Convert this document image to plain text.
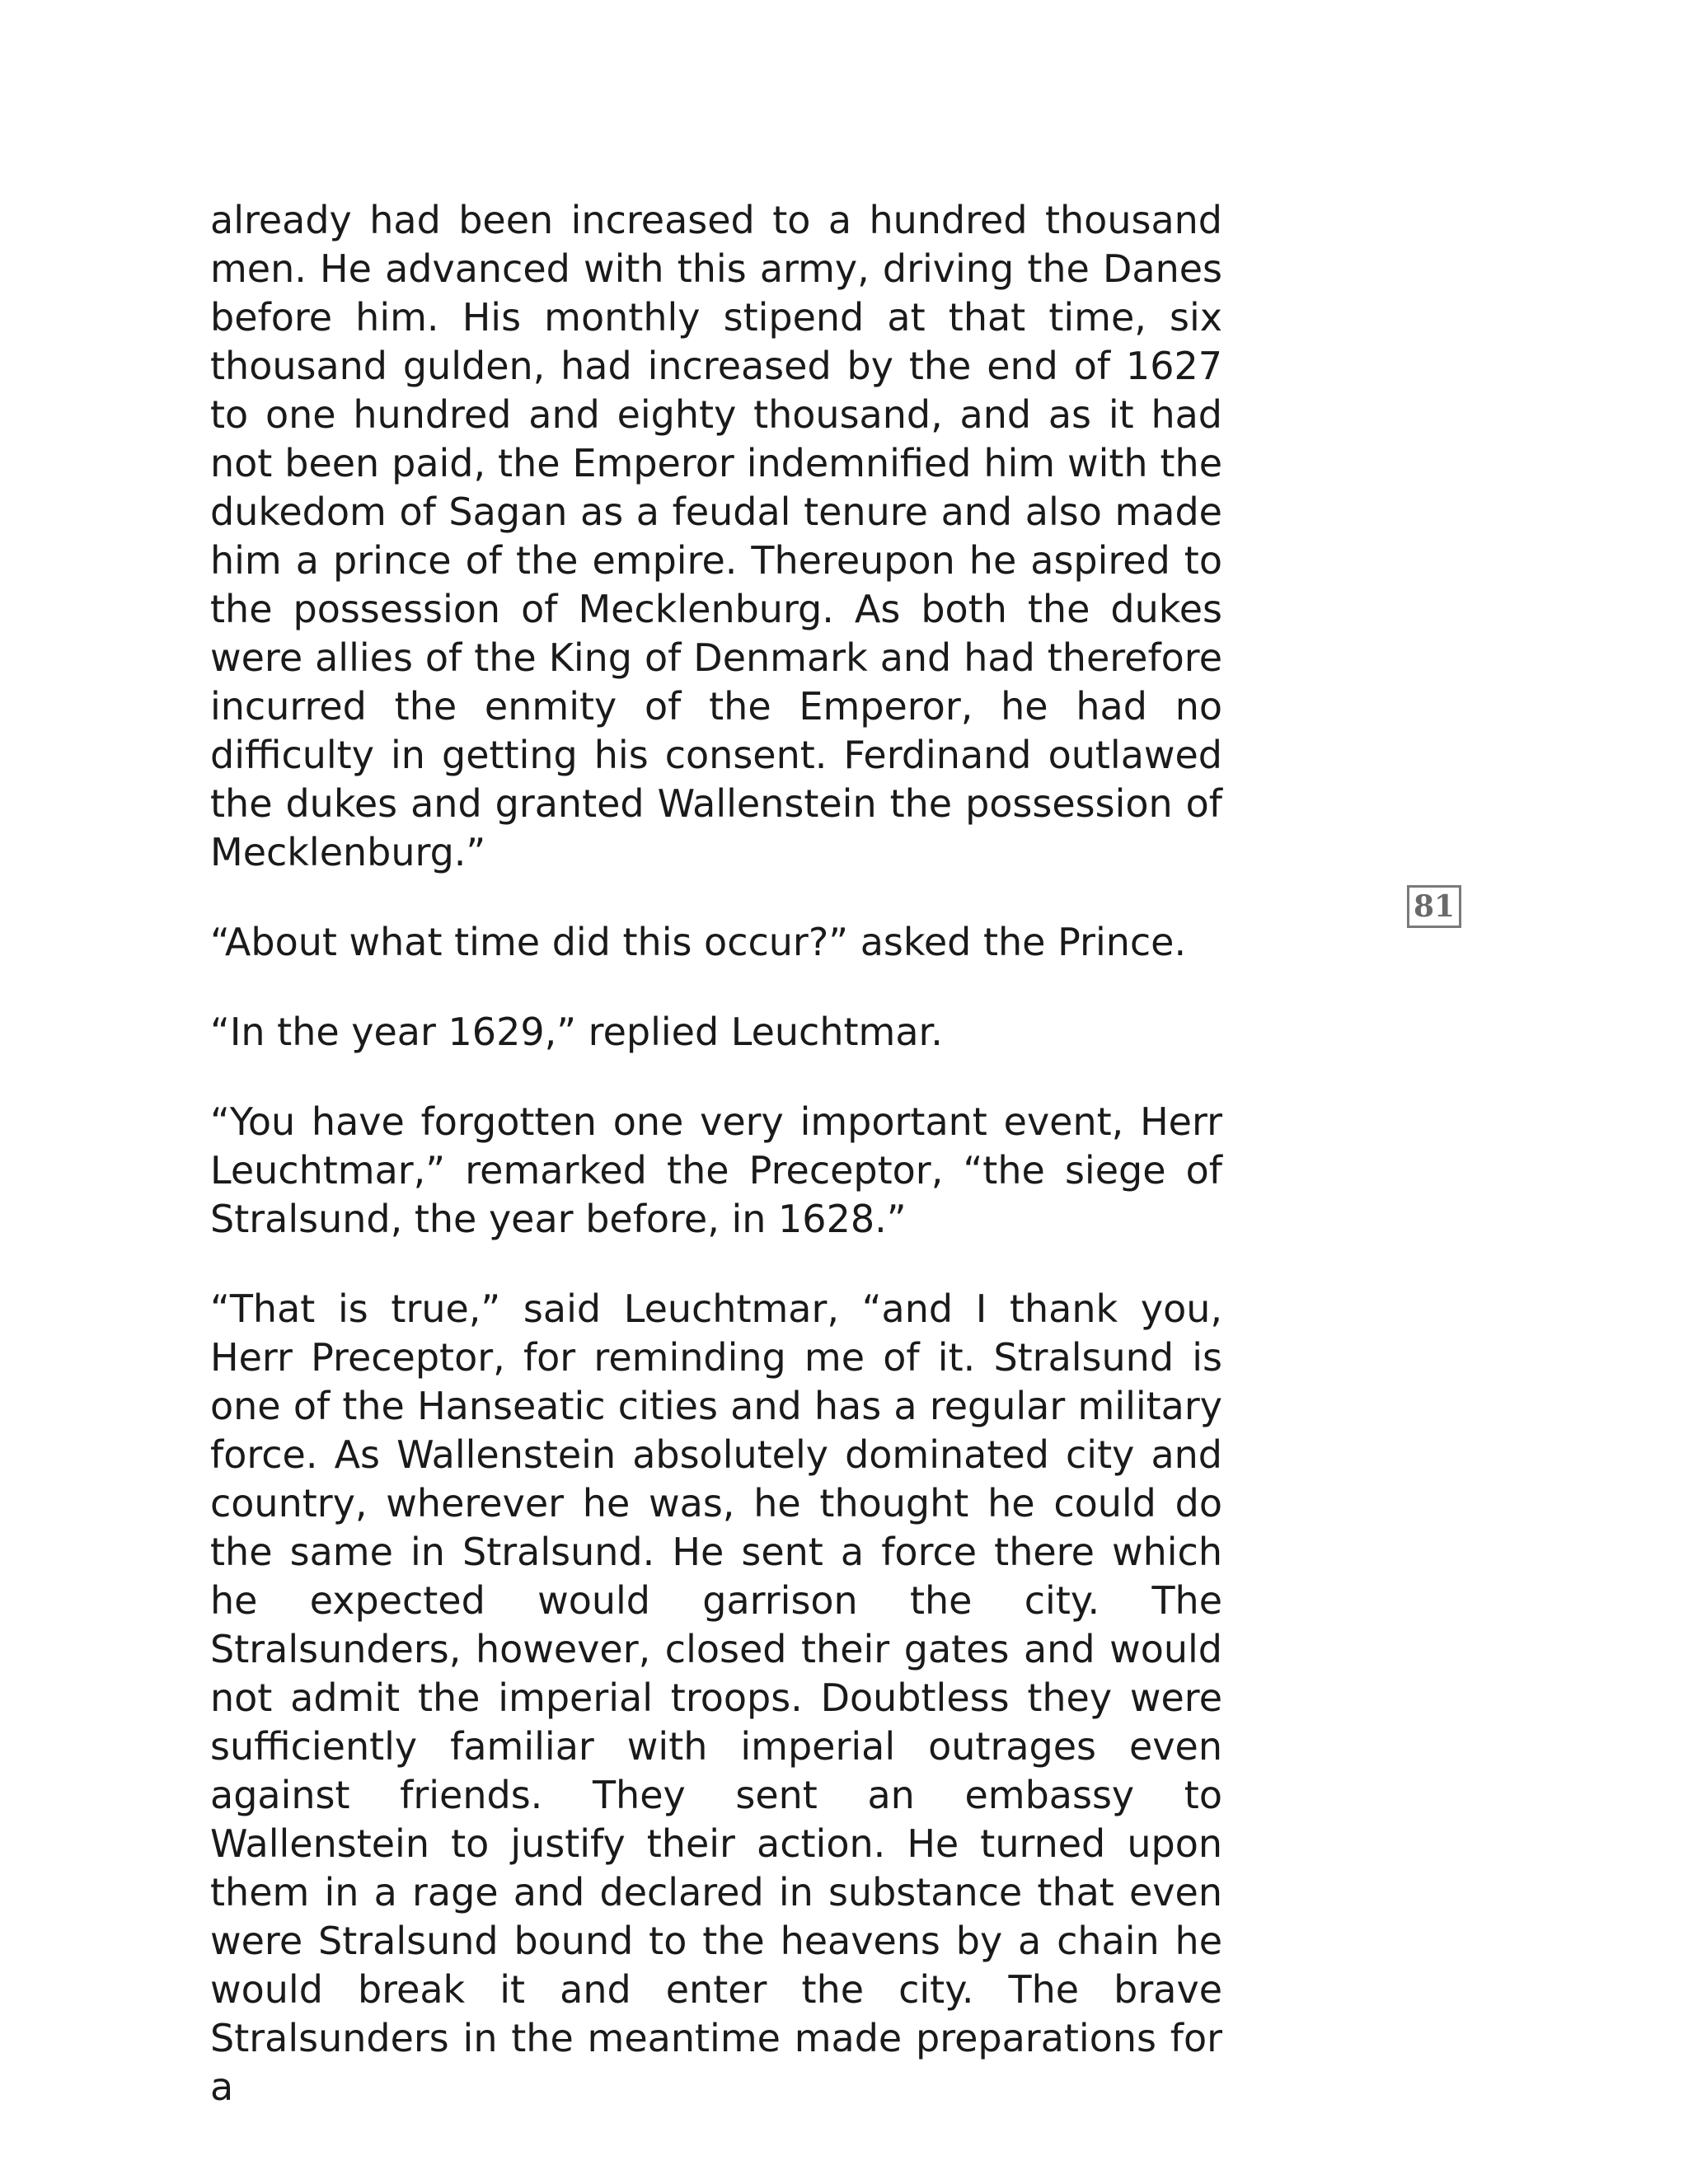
already had been increased to a hundred thousand men. He advanced with this army, driving the Danes before him. His monthly stipend at that time, six thousand gulden, had increased by the end of 1627 to one hundred and eighty thousand, and as it had not been paid, the Emperor indemnified him with the dukedom of Sagan as a feudal tenure and also made him a prince of the empire. Thereupon he aspired to the possession of Mecklenburg. As both the dukes were allies of the King of Denmark and had therefore incurred the enmity of the Emperor, he had no difficulty in getting his consent. Ferdinand outlawed the dukes and granted Wallenstein the possession of Mecklenburg.”

“About what time did this occur?” asked the Prince.

“In the year 1629,” replied Leuchtmar.

“You have forgotten one very important event, Herr Leuchtmar,” remarked the Preceptor, “the siege of Stralsund, the year before, in 1628.”

“That is true,” said Leuchtmar, “and I thank you, Herr Preceptor, for reminding me of it. Stralsund is one of the Hanseatic cities and has a regular military force. As Wallenstein absolutely dominated city and country, wherever he was, he thought he could do the same in Stralsund. He sent a force there which he expected would garrison the city. The Stralsunders, however, closed their gates and would not admit the imperial troops. Doubtless they were sufficiently familiar with imperial outrages even against friends. They sent an embassy to Wallenstein to justify their action. He turned upon them in a rage and declared in substance that even were Stralsund bound to the heavens by a chain he would break it and enter the city. The brave Stralsunders in the meantime made preparations for a

81
